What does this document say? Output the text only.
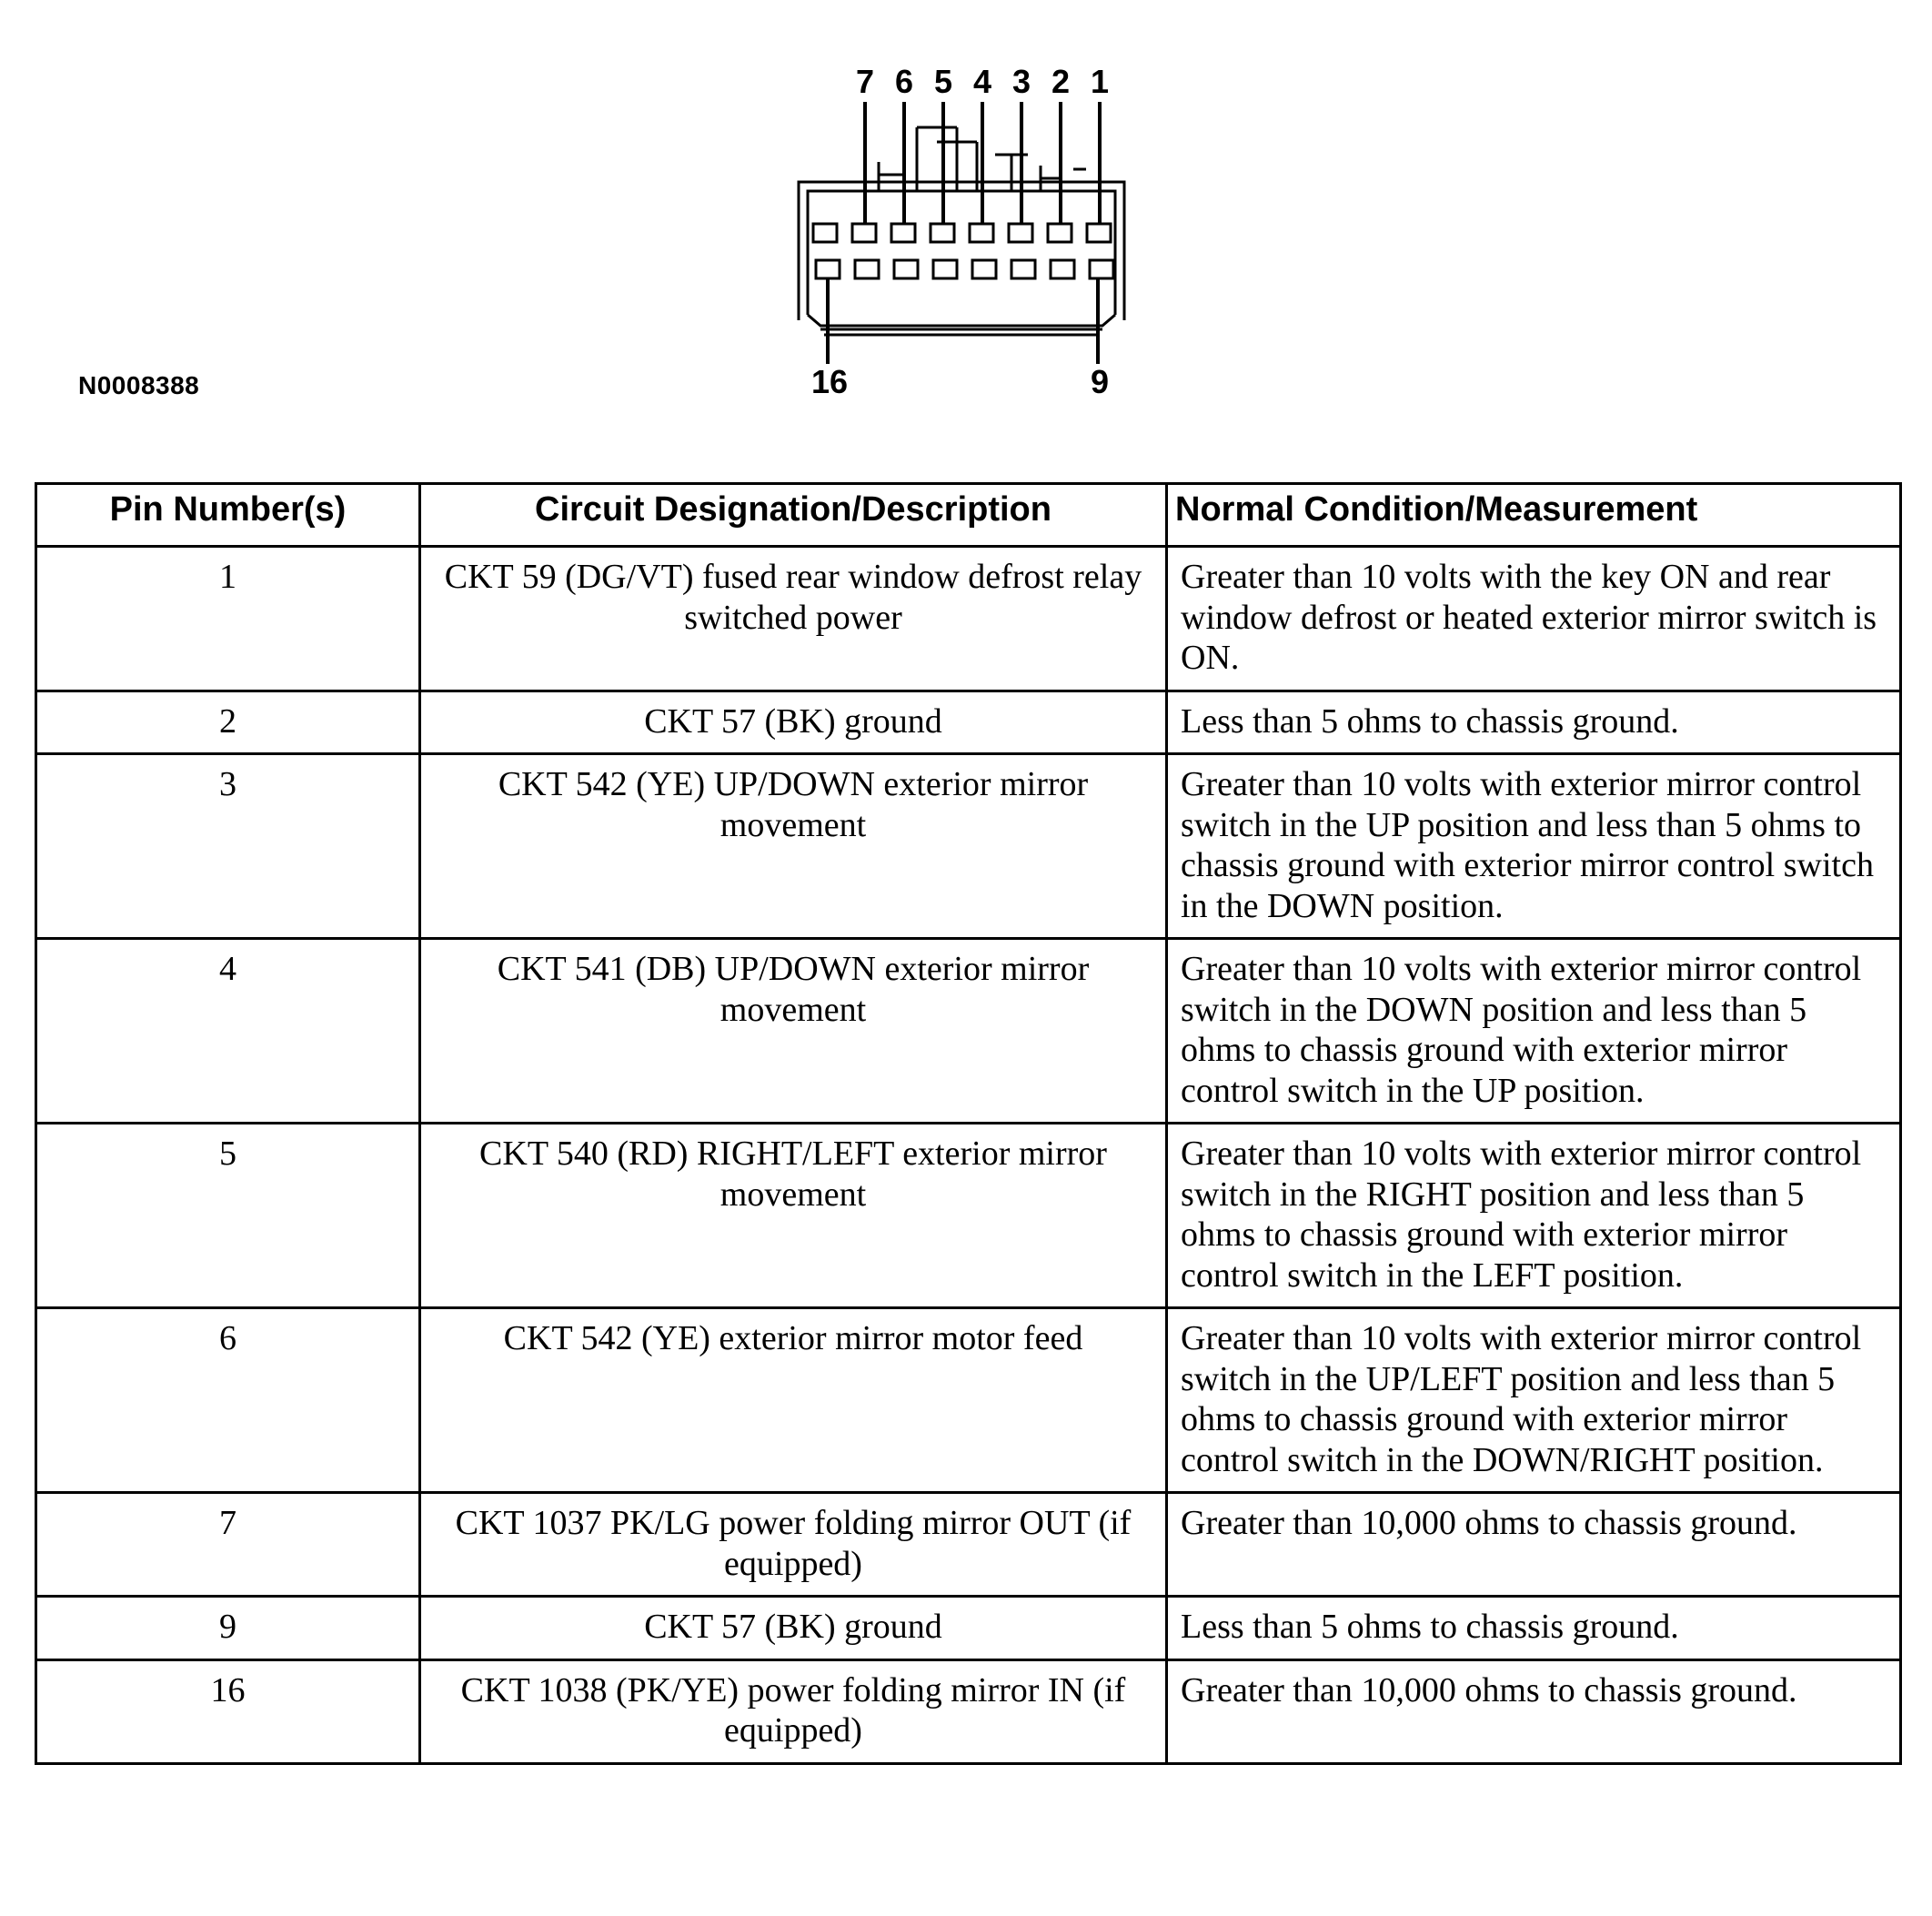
7 6 5 4 3 2 1
16	9
N0008388
Pin Number(s)	Circuit Designation/Description	Normal Condition/Measurement
1	CKT 59 (DG/VT) fused rear window defrost relay switched power	Greater than 10 volts with the key ON and rear window defrost or heated exterior mirror switch is ON.
2	CKT 57 (BK) ground	Less than 5 ohms to chassis ground.
3	CKT 542 (YE) UP/DOWN exterior mirror movement	Greater than 10 volts with exterior mirror control switch in the UP position and less than 5 ohms to chassis ground with exterior mirror control switch in the DOWN position.
4	CKT 541 (DB) UP/DOWN exterior mirror movement	Greater than 10 volts with exterior mirror control switch in the DOWN position and less than 5 ohms to chassis ground with exterior mirror control switch in the UP position.
5	CKT 540 (RD) RIGHT/LEFT exterior mirror movement	Greater than 10 volts with exterior mirror control switch in the RIGHT position and less than 5 ohms to chassis ground with exterior mirror control switch in the LEFT position.
6	CKT 542 (YE) exterior mirror motor feed	Greater than 10 volts with exterior mirror control switch in the UP/LEFT position and less than 5 ohms to chassis ground with exterior mirror control switch in the DOWN/RIGHT position.
7	CKT 1037 PK/LG power folding mirror OUT (if equipped)	Greater than 10,000 ohms to chassis ground.
9	CKT 57 (BK) ground	Less than 5 ohms to chassis ground.
16	CKT 1038 (PK/YE) power folding mirror IN (if equipped)	Greater than 10,000 ohms to chassis ground.
